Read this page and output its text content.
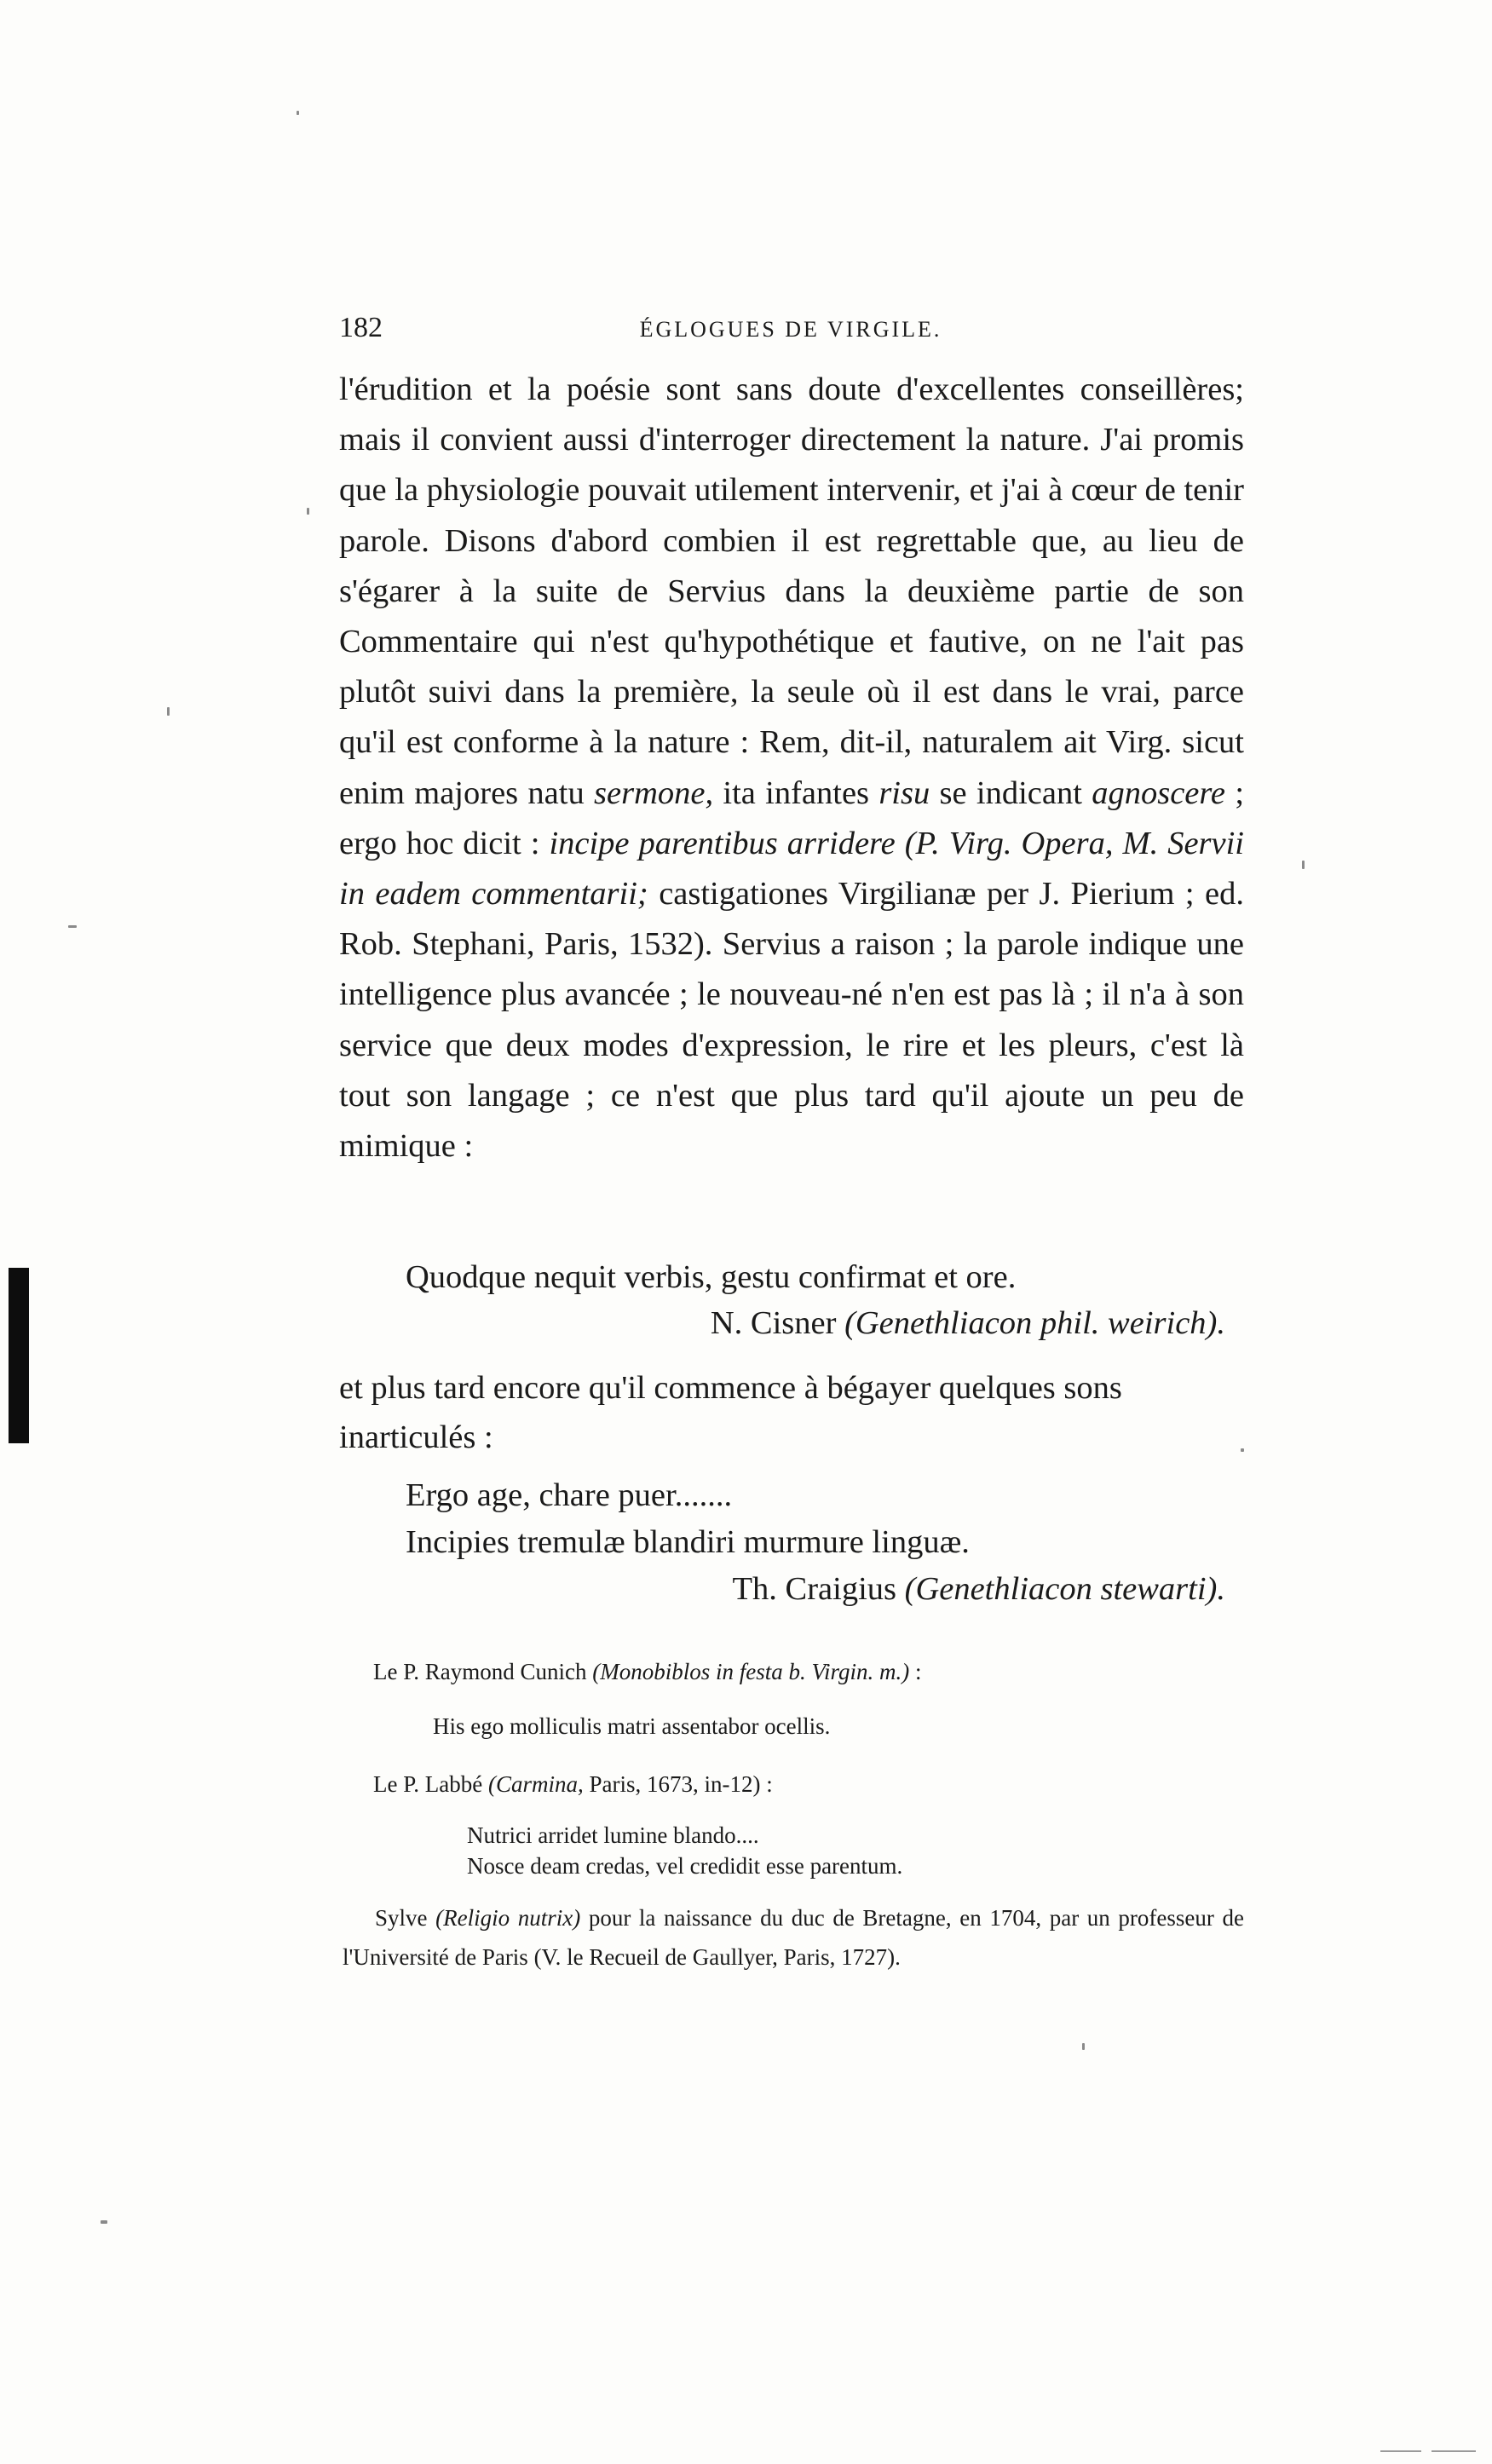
182	ÉGLOGUES DE VIRGILE.

l'érudition et la poésie sont sans doute d'excellentes conseillères; mais il convient aussi d'interroger directement la nature. J'ai promis que la physiologie pouvait utilement intervenir, et j'ai à cœur de tenir parole. Disons d'abord combien il est regrettable que, au lieu de s'égarer à la suite de Servius dans la deuxième partie de son Commentaire qui n'est qu'hypothétique et fautive, on ne l'ait pas plutôt suivi dans la première, la seule où il est dans le vrai, parce qu'il est conforme à la nature : Rem, dit-il, naturalem ait Virg. sicut enim majores natu sermone, ita infantes risu se indicant agnoscere ; ergo hoc dicit : incipe parentibus arridere (P. Virg. Opera, M. Servii in eadem commentarii; castigationes Virgilianæ per J. Pierium ; ed. Rob. Stephani, Paris, 1532). Servius a raison ; la parole indique une intelligence plus avancée ; le nouveau-né n'en est pas là ; il n'a à son service que deux modes d'expression, le rire et les pleurs, c'est là tout son langage ; ce n'est que plus tard qu'il ajoute un peu de mimique :

Quodque nequit verbis, gestu confirmat et ore.

N. Cisner (Genethliacon phil. weirich).

et plus tard encore qu'il commence à bégayer quelques sons inarticulés :

Ergo age, chare puer.......

Incipies tremulæ blandiri murmure linguæ.

Th. Craigius (Genethliacon stewarti).

Le P. Raymond Cunich (Monobiblos in festa b. Virgin. m.) :

His ego molliculis matri assentabor ocellis.

Le P. Labbé (Carmina, Paris, 1673, in-12) :

Nutrici arridet lumine blando....

Nosce deam credas, vel credidit esse parentum.

Sylve (Religio nutrix) pour la naissance du duc de Bretagne, en 1704, par un professeur de l'Université de Paris (V. le Recueil de Gaullyer, Paris, 1727).
